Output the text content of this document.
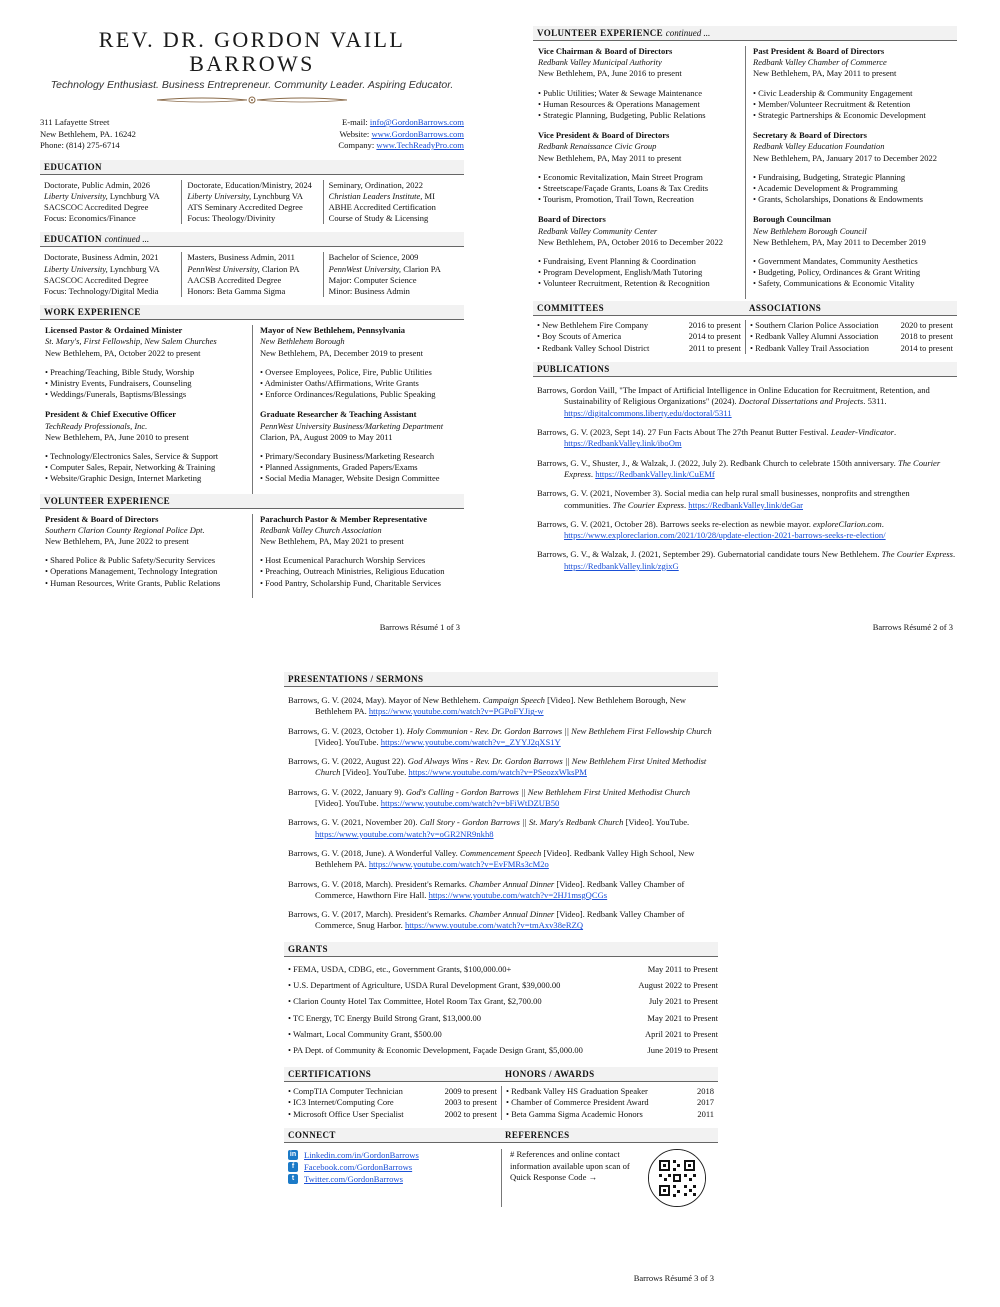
REV. DR. GORDON VAILL BARROWS
Technology Enthusiast. Business Entrepreneur. Community Leader. Aspiring Educator.
311 Lafayette Street
New Bethlehem, PA. 16242
Phone: (814) 275-6714
E-mail: info@GordonBarrows.com
Website: www.GordonBarrows.com
Company: www.TechReadyPro.com
EDUCATION
Doctorate, Public Admin, 2026
Liberty University, Lynchburg VA
SACSCOC Accredited Degree
Focus: Economics/Finance
Doctorate, Education/Ministry, 2024
Liberty University, Lynchburg VA
ATS Seminary Accredited Degree
Focus: Theology/Divinity
Seminary, Ordination, 2022
Christian Leaders Institute, MI
ABHE Accredited Certification
Course of Study & Licensing
EDUCATION continued ...
Doctorate, Business Admin, 2021
Liberty University, Lynchburg VA
SACSCOC Accredited Degree
Focus: Technology/Digital Media
Masters, Business Admin, 2011
PennWest University, Clarion PA
AACSB Accredited Degree
Honors: Beta Gamma Sigma
Bachelor of Science, 2009
PennWest University, Clarion PA
Major: Computer Science
Minor: Business Admin
WORK EXPERIENCE
Licensed Pastor & Ordained Minister
St. Mary's, First Fellowship, New Salem Churches
New Bethlehem, PA, October 2022 to present
• Preaching/Teaching, Bible Study, Worship
• Ministry Events, Fundraisers, Counseling
• Weddings/Funerals, Baptisms/Blessings
President & Chief Executive Officer
TechReady Professionals, Inc.
New Bethlehem, PA, June 2010 to present
• Technology/Electronics Sales, Service & Support
• Computer Sales, Repair, Networking & Training
• Website/Graphic Design, Internet Marketing
Mayor of New Bethlehem, Pennsylvania
New Bethlehem Borough
New Bethlehem, PA, December 2019 to present
• Oversee Employees, Police, Fire, Public Utilities
• Administer Oaths/Affirmations, Write Grants
• Enforce Ordinances/Regulations, Public Speaking
Graduate Researcher & Teaching Assistant
PennWest University Business/Marketing Department
Clarion, PA, August 2009 to May 2011
• Primary/Secondary Business/Marketing Research
• Planned Assignments, Graded Papers/Exams
• Social Media Manager, Website Design Committee
VOLUNTEER EXPERIENCE
President & Board of Directors
Southern Clarion County Regional Police Dpt.
New Bethlehem, PA, June 2022 to present
• Shared Police & Public Safety/Security Services
• Operations Management, Technology Integration
• Human Resources, Write Grants, Public Relations
Parachurch Pastor & Member Representative
Redbank Valley Church Association
New Bethlehem, PA, May 2021 to present
• Host Ecumenical Parachurch Worship Services
• Preaching, Outreach Ministries, Religious Education
• Food Pantry, Scholarship Fund, Charitable Services
Barrows Résumé 1 of 3
VOLUNTEER EXPERIENCE continued ...
Vice Chairman & Board of Directors
Redbank Valley Municipal Authority
New Bethlehem, PA, June 2016 to present
• Public Utilities; Water & Sewage Maintenance
• Human Resources & Operations Management
• Strategic Planning, Budgeting, Public Relations
Vice President & Board of Directors
Redbank Renaissance Civic Group
New Bethlehem, PA, May 2011 to present
• Economic Revitalization, Main Street Program
• Streetscape/Façade Grants, Loans & Tax Credits
• Tourism, Promotion, Trail Town, Recreation
Board of Directors
Redbank Valley Community Center
New Bethlehem, PA, October 2016 to December 2022
• Fundraising, Event Planning & Coordination
• Program Development, English/Math Tutoring
• Volunteer Recruitment, Retention & Recognition
Past President & Board of Directors
Redbank Valley Chamber of Commerce
New Bethlehem, PA, May 2011 to present
• Civic Leadership & Community Engagement
• Member/Volunteer Recruitment & Retention
• Strategic Partnerships & Economic Development
Secretary & Board of Directors
Redbank Valley Education Foundation
New Bethlehem, PA, January 2017 to December 2022
• Fundraising, Budgeting, Strategic Planning
• Academic Development & Programming
• Grants, Scholarships, Donations & Endowments
Borough Councilman
New Bethlehem Borough Council
New Bethlehem, PA, May 2011 to December 2019
• Government Mandates, Community Aesthetics
• Budgeting, Policy, Ordinances & Grant Writing
• Safety, Communications & Economic Vitality
COMMITTEES	ASSOCIATIONS
• New Bethlehem Fire Company	2016 to present
• Boy Scouts of America	2014 to present
• Redbank Valley School District	2011 to present
• Southern Clarion Police Association	2020 to present
• Redbank Valley Alumni Association	2018 to present
• Redbank Valley Trail Association	2014 to present
PUBLICATIONS
Barrows, Gordon Vaill, "The Impact of Artificial Intelligence in Online Education for Recruitment, Retention, and Sustainability of Religious Organizations" (2024). Doctoral Dissertations and Projects. 5311. https://digitalcommons.liberty.edu/doctoral/5311
Barrows, G. V. (2023, Sept 14). 27 Fun Facts About The 27th Peanut Butter Festival. Leader-Vindicator. https://RedbankValley.link/iboOm
Barrows, G. V., Shuster, J., & Walzak, J. (2022, July 2). Redbank Church to celebrate 150th anniversary. The Courier Express. https://RedbankValley.link/CuEMf
Barrows, G. V. (2021, November 3). Social media can help rural small businesses, nonprofits and strengthen communities. The Courier Express. https://RedbankValley.link/deGar
Barrows, G. V. (2021, October 28). Barrows seeks re-election as newbie mayor. exploreClarion.com. https://www.exploreclarion.com/2021/10/28/update-election-2021-barrows-seeks-re-election/
Barrows, G. V., & Walzak, J. (2021, September 29). Gubernatorial candidate tours New Bethlehem. The Courier Express. https://RedbankValley.link/zgixG
Barrows Résumé 2 of 3
PRESENTATIONS / SERMONS
Barrows, G. V. (2024, May). Mayor of New Bethlehem. Campaign Speech [Video]. New Bethlehem Borough, New Bethlehem PA. https://www.youtube.com/watch?v=PGPoFYJig-w
Barrows, G. V. (2023, October 1). Holy Communion - Rev. Dr. Gordon Barrows || New Bethlehem First Fellowship Church [Video]. YouTube. https://www.youtube.com/watch?v=_ZYYJ2qXS1Y
Barrows, G. V. (2022, August 22). God Always Wins - Rev. Dr. Gordon Barrows || New Bethlehem First United Methodist Church [Video]. YouTube. https://www.youtube.com/watch?v=PSeozxWksPM
Barrows, G. V. (2022, January 9). God's Calling - Gordon Barrows || New Bethlehem First United Methodist Church [Video]. YouTube. https://www.youtube.com/watch?v=bFiWtDZUB50
Barrows, G. V. (2021, November 20). Call Story - Gordon Barrows || St. Mary's Redbank Church [Video]. YouTube. https://www.youtube.com/watch?v=oGR2NR9nkh8
Barrows, G. V. (2018, June). A Wonderful Valley. Commencement Speech [Video]. Redbank Valley High School, New Bethlehem PA. https://www.youtube.com/watch?v=EvFMRs3cM2o
Barrows, G. V. (2018, March). President's Remarks. Chamber Annual Dinner [Video]. Redbank Valley Chamber of Commerce, Hawthorn Fire Hall. https://www.youtube.com/watch?v=2HJ1msgQCGs
Barrows, G. V. (2017, March). President's Remarks. Chamber Annual Dinner [Video]. Redbank Valley Chamber of Commerce, Snug Harbor. https://www.youtube.com/watch?v=tmAxv38eRZQ
GRANTS
• FEMA, USDA, CDBG, etc., Government Grants, $100,000.00+	May 2011 to Present
• U.S. Department of Agriculture, USDA Rural Development Grant, $39,000.00	August 2022 to Present
• Clarion County Hotel Tax Committee, Hotel Room Tax Grant, $2,700.00	July 2021 to Present
• TC Energy, TC Energy Build Strong Grant, $13,000.00	May 2021 to Present
• Walmart, Local Community Grant, $500.00	April 2021 to Present
• PA Dept. of Community & Economic Development, Façade Design Grant, $5,000.00	June 2019 to Present
CERTIFICATIONS	HONORS / AWARDS
• CompTIA Computer Technician	2009 to present
• IC3 Internet/Computing Core	2003 to present
• Microsoft Office User Specialist	2002 to present
• Redbank Valley HS Graduation Speaker	2018
• Chamber of Commerce President Award	2017
• Beta Gamma Sigma Academic Honors	2011
CONNECT	REFERENCES
in Linkedin.com/in/GordonBarrows
f	Facebook.com/GordonBarrows
t	Twitter.com/GordonBarrows
# References and online contact information available upon scan of Quick Response Code →
Barrows Résumé 3 of 3
